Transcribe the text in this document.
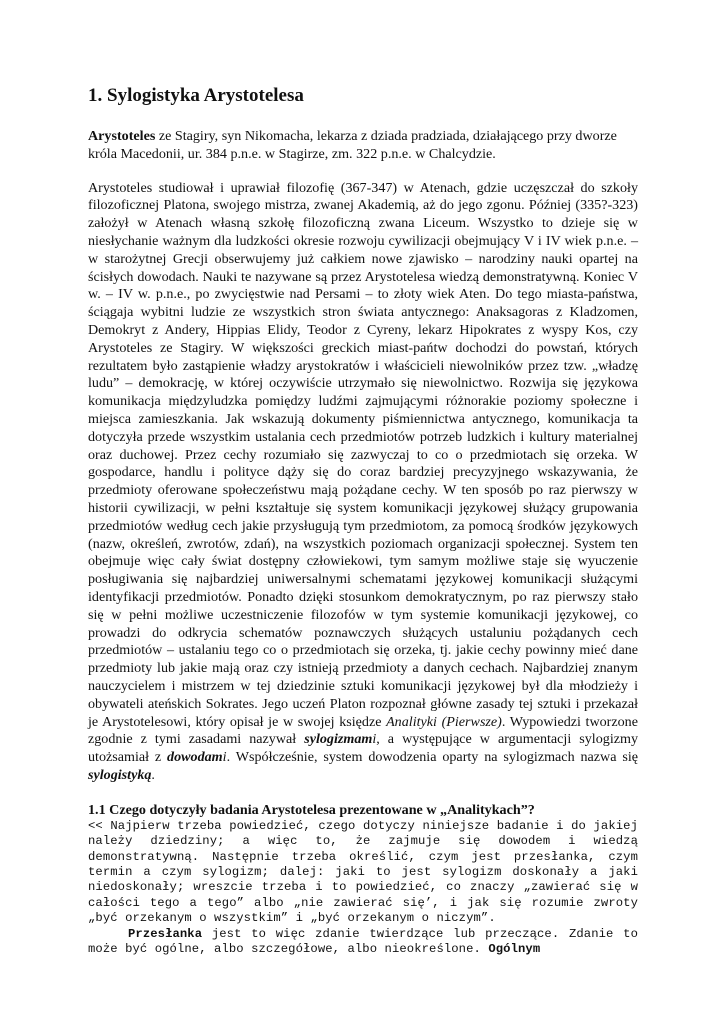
1. Sylogistyka Arystotelesa
Arystoteles ze Stagiry, syn Nikomacha, lekarza z dziada pradziada, działającego przy dworze króla Macedonii, ur. 384 p.n.e. w Stagirze, zm. 322 p.n.e. w Chalcydzie.
Arystoteles studiował i uprawiał filozofię (367-347) w Atenach, gdzie uczęszczał do szkoły filozoficznej Platona, swojego mistrza, zwanej Akademią, aż do jego zgonu. Później (335?-323) założył w Atenach własną szkołę filozoficzną zwana Liceum. Wszystko to dzieje się w niesłychanie ważnym dla ludzkości okresie rozwoju cywilizacji obejmujący V i IV wiek p.n.e. – w starożytnej Grecji obserwujemy już całkiem nowe zjawisko – narodziny nauki opartej na ścisłych dowodach. Nauki te nazywane są przez Arystotelesa wiedzą demonstratywną. Koniec V w. – IV w. p.n.e., po zwycięstwie nad Persami – to złoty wiek Aten. Do tego miasta-państwa, ściągaja wybitni ludzie ze wszystkich stron świata antycznego: Anaksagoras z Kladzomen, Demokryt z Andery, Hippias Elidy, Teodor z Cyreny, lekarz Hipokrates z wyspy Kos, czy Arystoteles ze Stagiry. W większości greckich miast-pańtw dochodzi do powstań, których rezultatem było zastąpienie władzy arystokratów i właścicieli niewolników przez tzw. „władzę ludu” – demokrację, w której oczywiście utrzymało się niewolnictwo. Rozwija się językowa komunikacja międzyludzka pomiędzy ludźmi zajmującymi różnorakie poziomy społeczne i miejsca zamieszkania. Jak wskazują dokumenty piśmiennictwa antycznego, komunikacja ta dotyczyła przede wszystkim ustalania cech przedmiotów potrzeb ludzkich i kultury materialnej oraz duchowej. Przez cechy rozumiało się zazwyczaj to co o przedmiotach się orzeka. W gospodarce, handlu i polityce dąży się do coraz bardziej precyzyjnego wskazywania, że przedmioty oferowane społeczeństwu mają pożądane cechy. W ten sposób po raz pierwszy w historii cywilizacji, w pełni kształtuje się system komunikacji językowej służący grupowania przedmiotów według cech jakie przysługują tym przedmiotom, za pomocą środków językowych (nazw, określeń, zwrotów, zdań), na wszystkich poziomach organizacji społecznej. System ten obejmuje więc cały świat dostępny człowiekowi, tym samym możliwe staje się wyuczenie posługiwania się najbardziej uniwersalnymi schematami językowej komunikacji służącymi identyfikacji przedmiotów. Ponadto dzięki stosunkom demokratycznym, po raz pierwszy stało się w pełni możliwe uczestniczenie filozofów w tym systemie komunikacji językowej, co prowadzi do odkrycia schematów poznawczych służących ustaluniu pożądanych cech przedmiotów – ustalaniu tego co o przedmiotach się orzeka, tj. jakie cechy powinny mieć dane przedmioty lub jakie mają oraz czy istnieją przedmioty a danych cechach. Najbardziej znanym nauczycielem i mistrzem w tej dziedzinie sztuki komunikacji językowej był dla młodzieży i obywateli ateńskich Sokrates. Jego uczeń Platon rozpoznał główne zasady tej sztuki i przekazał je Arystotelesowi, który opisał je w swojej księdze Analityki (Pierwsze). Wypowiedzi tworzone zgodnie z tymi zasadami nazywał sylogizmami, a występujące w argumentacji sylogizmy utożsamiał z dowodami. Współcześnie, system dowodzenia oparty na sylogizmach nazwa się sylogistyką.
1.1 Czego dotyczyły badania Arystotelesa prezentowane w „Analitykach”?
<< Najpierw trzeba powiedzieć, czego dotyczy niniejsze badanie i do jakiej należy dziedziny; a więc to, że zajmuje się dowodem i wiedzą demonstratywną. Następnie trzeba określić, czym jest przesłanka, czym termin a czym sylogizm; dalej: jaki to jest sylogizm doskonały a jaki niedoskonały; wreszcie trzeba i to powiedzieć, co znaczy „zawierać się w całości tego a tego” albo „nie zawierać się’, i jak się rozumie zwroty „być orzekanym o wszystkim” i „być orzekanym o niczym”.
Przesłanka jest to więc zdanie twierdzące lub przeczące. Zdanie to może być ogólne, albo szczegółowe, albo nieokreślone. Ogólnym
